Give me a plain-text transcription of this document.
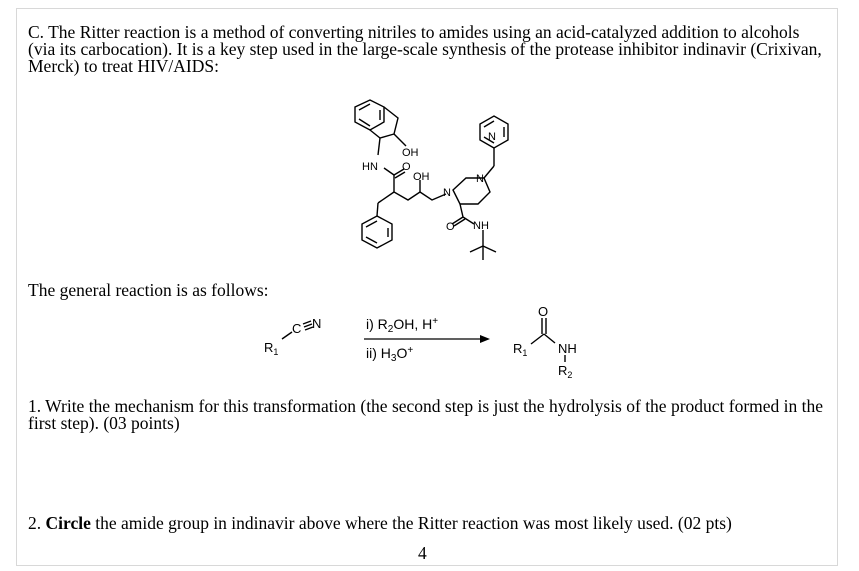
C. The Ritter reaction is a method of converting nitriles to amides using an acid-catalyzed addition to alcohols (via its carbocation). It is a key step used in the large-scale synthesis of the protease inhibitor indinavir (Crixivan, Merck) to treat HIV/AIDS:
OH
HN O
OH
N
N
N
O NH
C N
$R_1$
i) $R_2OH$, H+
ii) $H_3O^+$
O
$R_1$ NH
$R_2$
The general reaction is as follows:
1. Write the mechanism for this transformation (the second step is just the hydrolysis of the product formed in the first step). (03 points)
2. Circle the amide group in indinavir above where the Ritter reaction was most likely used. (02 pts)
4
